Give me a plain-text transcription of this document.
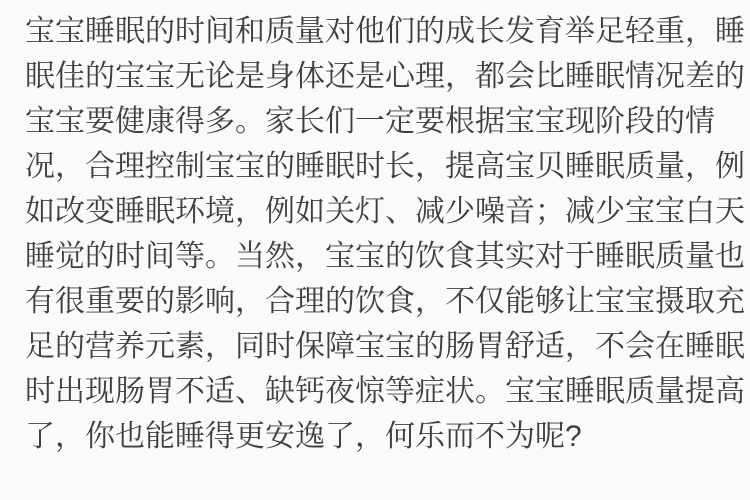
宝宝睡眠的时间和质量对他们的成长发育举足轻重，睡
眠佳的宝宝无论是身体还是心理，都会比睡眠情况差的
宝宝要健康得多。家长们一定要根据宝宝现阶段的情
况，合理控制宝宝的睡眠时长，提高宝贝睡眠质量，例
如改变睡眠环境，例如关灯、减少噪音；减少宝宝白天
睡觉的时间等。当然，宝宝的饮食其实对于睡眠质量也
有很重要的影响，合理的饮食，不仅能够让宝宝摄取充
足的营养元素，同时保障宝宝的肠胃舒适，不会在睡眠
时出现肠胃不适、缺钙夜惊等症状。宝宝睡眠质量提高
了，你也能睡得更安逸了，何乐而不为呢?
